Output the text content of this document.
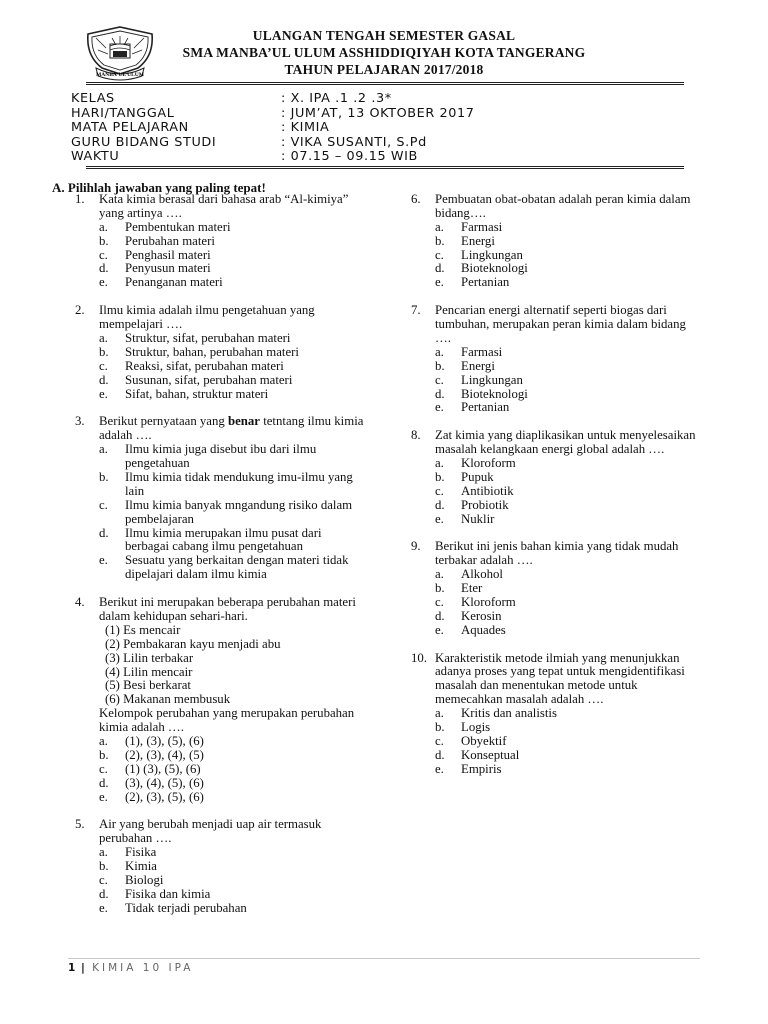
MANBA'UL ULUM
ULANGAN TENGAH SEMESTER GASAL
SMA MANBA’UL ULUM ASSHIDDIQIYAH KOTA TANGERANG
TAHUN PELAJARAN 2017/2018
KELAS	: X. IPA .1 .2 .3*
HARI/TANGGAL	: JUM’AT, 13 OKTOBER 2017
MATA PELAJARAN	: KIMIA
GURU BIDANG STUDI	: VIKA SUSANTI, S.Pd
WAKTU	: 07.15 – 09.15 WIB
A. Pilihlah jawaban yang paling tepat!
1. Kata kimia berasal dari bahasa arab “Al-kimiya” yang artinya ….
a. Pembentukan materi
b. Perubahan materi
c. Penghasil materi
d. Penyusun materi
e. Penanganan materi
2. Ilmu kimia adalah ilmu pengetahuan yang mempelajari ….
a. Struktur, sifat, perubahan materi
b. Struktur, bahan, perubahan materi
c. Reaksi, sifat, perubahan materi
d. Susunan, sifat, perubahan materi
e. Sifat, bahan, struktur materi
3. Berikut pernyataan yang benar tetntang ilmu kimia adalah ….
a. Ilmu kimia juga disebut ibu dari ilmu pengetahuan
b. Ilmu kimia tidak mendukung imu-ilmu yang lain
c. Ilmu kimia banyak mngandung risiko dalam pembelajaran
d. Ilmu kimia merupakan ilmu pusat dari berbagai cabang ilmu pengetahuan
e. Sesuatu yang berkaitan dengan materi tidak dipelajari dalam ilmu kimia
4. Berikut ini merupakan beberapa perubahan materi dalam kehidupan sehari-hari.
(1) Es mencair
(2) Pembakaran kayu menjadi abu
(3) Lilin terbakar
(4) Lilin mencair
(5) Besi berkarat
(6) Makanan membusuk
Kelompok perubahan yang merupakan perubahan kimia adalah ….
a. (1), (3), (5), (6)
b. (2), (3), (4), (5)
c. (1) (3), (5), (6)
d. (3), (4), (5), (6)
e. (2), (3), (5), (6)
5. Air yang berubah menjadi uap air termasuk perubahan ….
a. Fisika
b. Kimia
c. Biologi
d. Fisika dan kimia
e. Tidak terjadi perubahan
6. Pembuatan obat-obatan adalah peran kimia dalam bidang….
a. Farmasi
b. Energi
c. Lingkungan
d. Bioteknologi
e. Pertanian
7. Pencarian energi alternatif seperti biogas dari tumbuhan, merupakan peran kimia dalam bidang ….
a. Farmasi
b. Energi
c. Lingkungan
d. Bioteknologi
e. Pertanian
8. Zat kimia yang diaplikasikan untuk menyelesaikan masalah kelangkaan energi global adalah ….
a. Kloroform
b. Pupuk
c. Antibiotik
d. Probiotik
e. Nuklir
9. Berikut ini jenis bahan kimia yang tidak mudah terbakar adalah ….
a. Alkohol
b. Eter
c. Kloroform
d. Kerosin
e. Aquades
10. Karakteristik metode ilmiah yang menunjukkan adanya proses yang tepat untuk mengidentifikasi masalah dan menentukan metode untuk memecahkan masalah adalah ….
a. Kritis dan analistis
b. Logis
c. Obyektif
d. Konseptual
e. Empiris
1 | KIMIA 10 IPA
